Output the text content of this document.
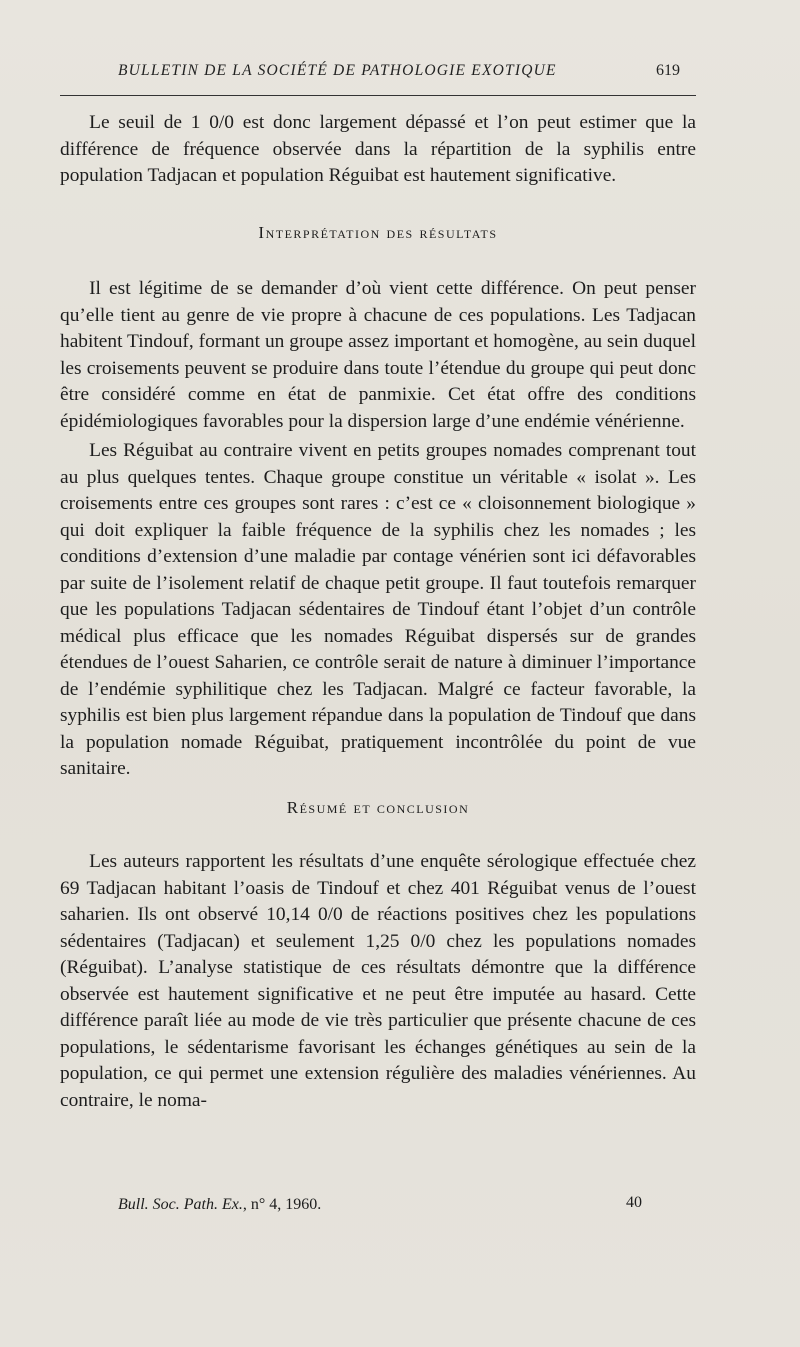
BULLETIN DE LA SOCIÉTÉ DE PATHOLOGIE EXOTIQUE	619

Le seuil de 1 0/0 est donc largement dépassé et l’on peut estimer que la différence de fréquence observée dans la répartition de la syphilis entre population Tadjacan et population Réguibat est hautement significative.

Interprétation des résultats

Il est légitime de se demander d’où vient cette différence. On peut penser qu’elle tient au genre de vie propre à chacune de ces populations. Les Tadjacan habitent Tindouf, formant un groupe assez important et homogène, au sein duquel les croisements peuvent se produire dans toute l’étendue du groupe qui peut donc être considéré comme en état de panmixie. Cet état offre des conditions épidémiologiques favorables pour la dispersion large d’une endémie vénérienne.

Les Réguibat au contraire vivent en petits groupes nomades comprenant tout au plus quelques tentes. Chaque groupe constitue un véritable « isolat ». Les croisements entre ces groupes sont rares : c’est ce « cloisonnement biologique » qui doit expliquer la faible fréquence de la syphilis chez les nomades ; les conditions d’extension d’une maladie par contage vénérien sont ici défavorables par suite de l’isolement relatif de chaque petit groupe. Il faut toutefois remarquer que les populations Tadjacan sédentaires de Tindouf étant l’objet d’un contrôle médical plus efficace que les nomades Réguibat dispersés sur de grandes étendues de l’ouest Saharien, ce contrôle serait de nature à diminuer l’importance de l’endémie syphilitique chez les Tadjacan. Malgré ce facteur favorable, la syphilis est bien plus largement répandue dans la population de Tindouf que dans la population nomade Réguibat, pratiquement incontrôlée du point de vue sanitaire.

Résumé et conclusion

Les auteurs rapportent les résultats d’une enquête sérologique effectuée chez 69 Tadjacan habitant l’oasis de Tindouf et chez 401 Réguibat venus de l’ouest saharien. Ils ont observé 10,14 0/0 de réactions positives chez les populations sédentaires (Tadjacan) et seulement 1,25 0/0 chez les populations nomades (Réguibat). L’analyse statistique de ces résultats démontre que la différence observée est hautement significative et ne peut être imputée au hasard. Cette différence paraît liée au mode de vie très particulier que présente chacune de ces populations, le sédentarisme favorisant les échanges génétiques au sein de la population, ce qui permet une extension régulière des maladies vénériennes. Au contraire, le noma-

Bull. Soc. Path. Ex., n° 4, 1960.	40
